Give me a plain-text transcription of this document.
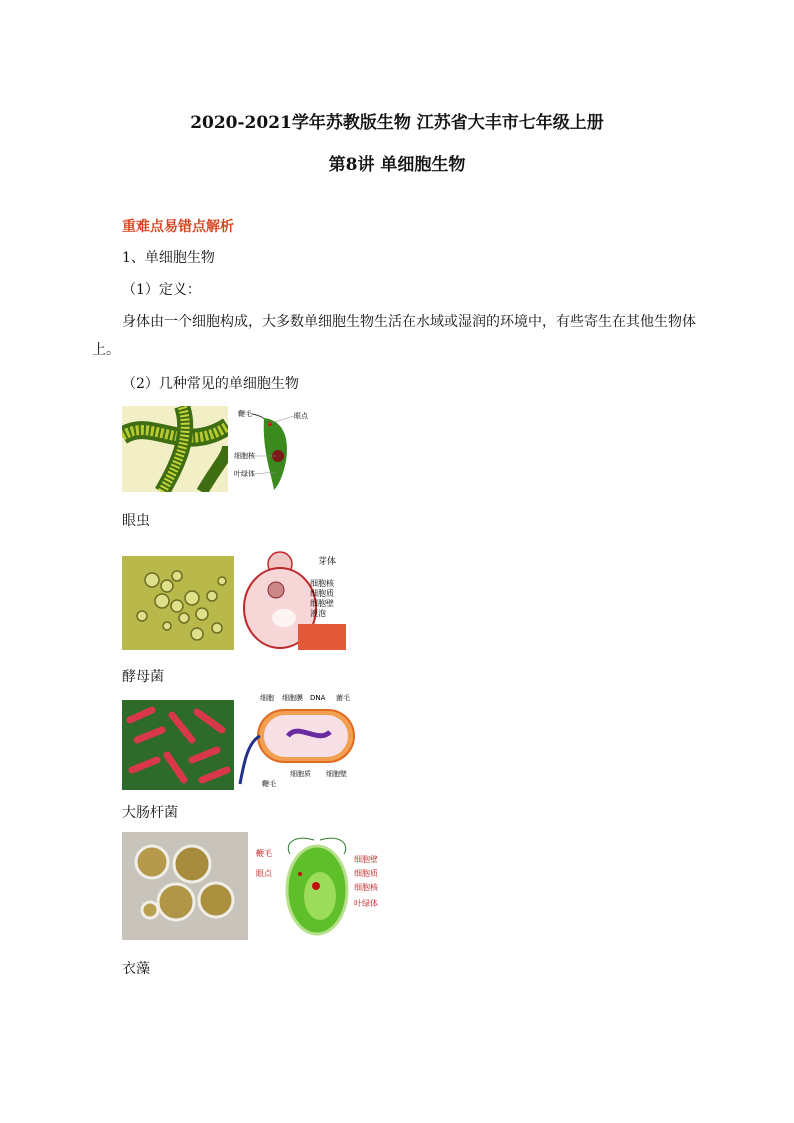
2020-2021学年苏教版生物 江苏省大丰市七年级上册
第8讲 单细胞生物
重难点易错点解析
1、单细胞生物
（1）定义：
身体由一个细胞构成，大多数单细胞生物生活在水域或湿润的环境中，有些寄生在其他生物体上。
（2）几种常见的单细胞生物
鞭毛	眼点
细胞核
叶绿体
眼虫
芽体
细胞核
细胞质
细胞壁
液泡
酵母菌
细胞 细胞膜 DNA 菌毛
鞭毛
细胞质 细胞壁
大肠杆菌
鞭毛
眼点
细胞壁
细胞质
细胞核
叶绿体
衣藻
